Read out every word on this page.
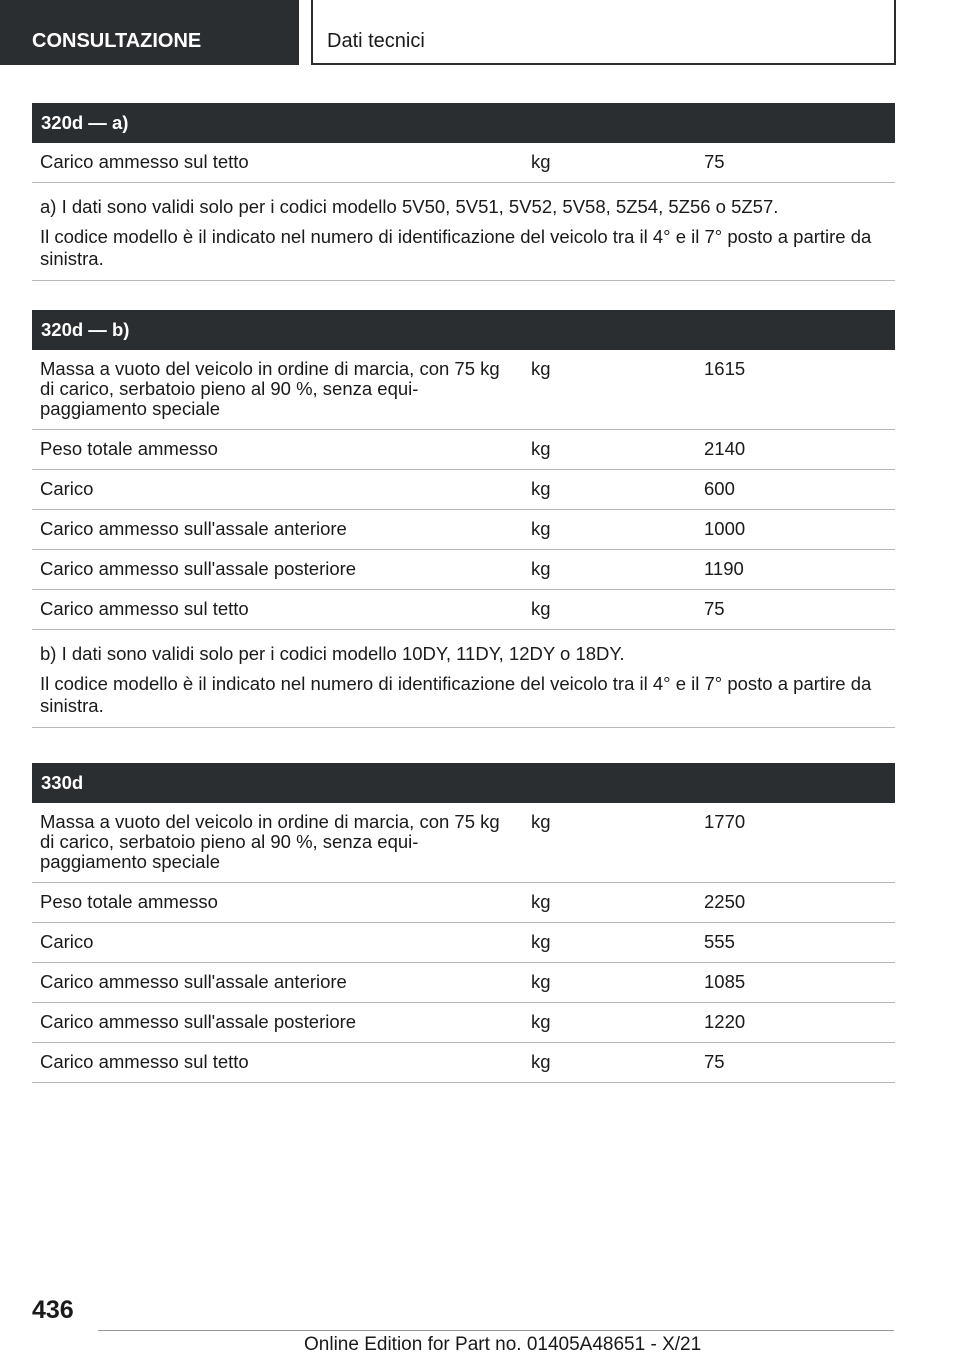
CONSULTAZIONE	Dati tecnici
320d — a)
Carico ammesso sul tetto	kg	75

a) I dati sono validi solo per i codici modello 5V50, 5V51, 5V52, 5V58, 5Z54, 5Z56 o 5Z57.

Il codice modello è il indicato nel numero di identificazione del veicolo tra il 4° e il 7° posto a partire da sinistra.

320d — b)		
Massa a vuoto del veicolo in ordine di marcia, con 75 kg di carico, serbatoio pieno al 90 %, senza equi-paggiamento speciale	kg	1615
Peso totale ammesso	kg	2140
Carico	kg	600
Carico ammesso sull'assale anteriore	kg	1000
Carico ammesso sull'assale posteriore	kg	1190
Carico ammesso sul tetto	kg	75

b) I dati sono validi solo per i codici modello 10DY, 11DY, 12DY o 18DY.

Il codice modello è il indicato nel numero di identificazione del veicolo tra il 4° e il 7° posto a partire da sinistra.		

330d		
Massa a vuoto del veicolo in ordine di marcia, con 75 kg di carico, serbatoio pieno al 90 %, senza equi-paggiamento speciale	kg	1770
Peso totale ammesso	kg	2250
Carico	kg	555
Carico ammesso sull'assale anteriore	kg	1085
Carico ammesso sull'assale posteriore	kg	1220
Carico ammesso sul tetto	kg	75
436
Online Edition for Part no. 01405A48651 - X/21
